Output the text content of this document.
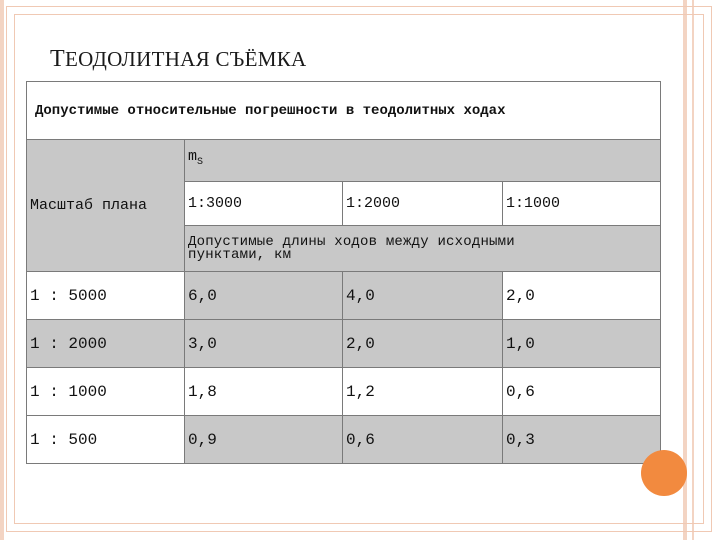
ТЕОДОЛИТНАЯ СЪЁМКА
Допустимые относительные погрешности в теодолитных ходах			
Масштаб плана	$m_S$
	1:3000	1:2000	1:1000

	Допустимые длины ходов между исходными
пунктами, км		

1 : 5000	6,0	4,0	2,0
1 : 2000	3,0	2,0	1,0
1 : 1000	1,8	1,2	0,6
1 : 500	0,9	0,6	0,3
